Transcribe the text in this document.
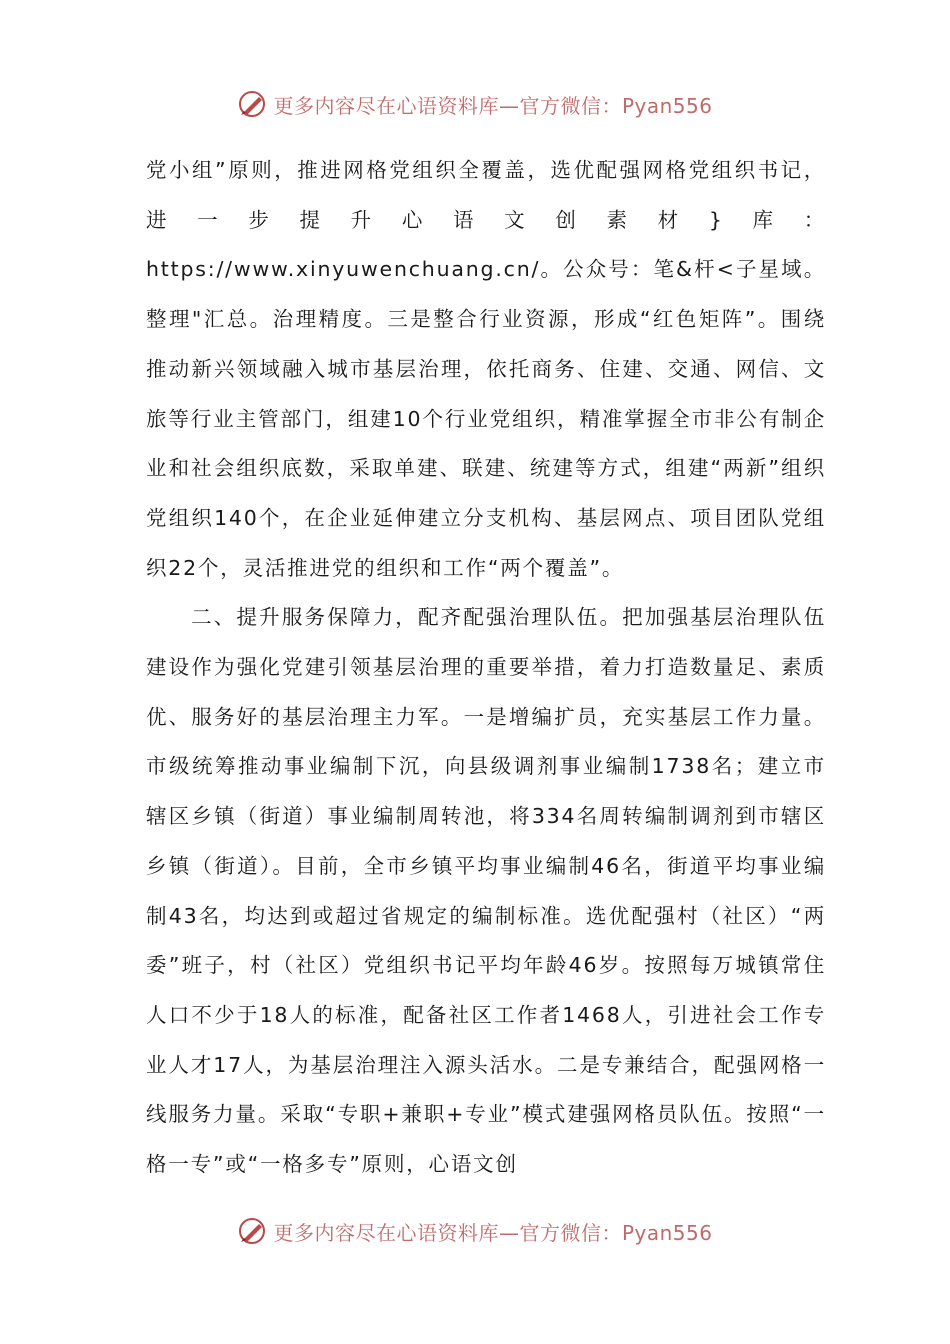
更多内容尽在心语资料库—官方微信：Pyan556

党小组”原则，推进网格党组织全覆盖，选优配强网格党组织书记，进一步提升心语文创素材}库：https://www.xinyuwenchuang.cn/。公众号：笔&杆<子星域。整理"汇总。治理精度。三是整合行业资源，形成“红色矩阵”。围绕推动新兴领域融入城市基层治理，依托商务、住建、交通、网信、文旅等行业主管部门，组建10个行业党组织，精准掌握全市非公有制企业和社会组织底数，采取单建、联建、统建等方式，组建“两新”组织党组织140个，在企业延伸建立分支机构、基层网点、项目团队党组织22个，灵活推进党的组织和工作“两个覆盖”。

二、提升服务保障力，配齐配强治理队伍。把加强基层治理队伍建设作为强化党建引领基层治理的重要举措，着力打造数量足、素质优、服务好的基层治理主力军。一是增编扩员，充实基层工作力量。市级统筹推动事业编制下沉，向县级调剂事业编制1738名；建立市辖区乡镇（街道）事业编制周转池，将334名周转编制调剂到市辖区乡镇（街道）。目前，全市乡镇平均事业编制46名，街道平均事业编制43名，均达到或超过省规定的编制标准。选优配强村（社区）“两委”班子，村（社区）党组织书记平均年龄46岁。按照每万城镇常住人口不少于18人的标准，配备社区工作者1468人，引进社会工作专业人才17人，为基层治理注入源头活水。二是专兼结合，配强网格一线服务力量。采取“专职+兼职+专业”模式建强网格员队伍。按照“一格一专”或“一格多专”原则，心语文创

更多内容尽在心语资料库—官方微信：Pyan556
